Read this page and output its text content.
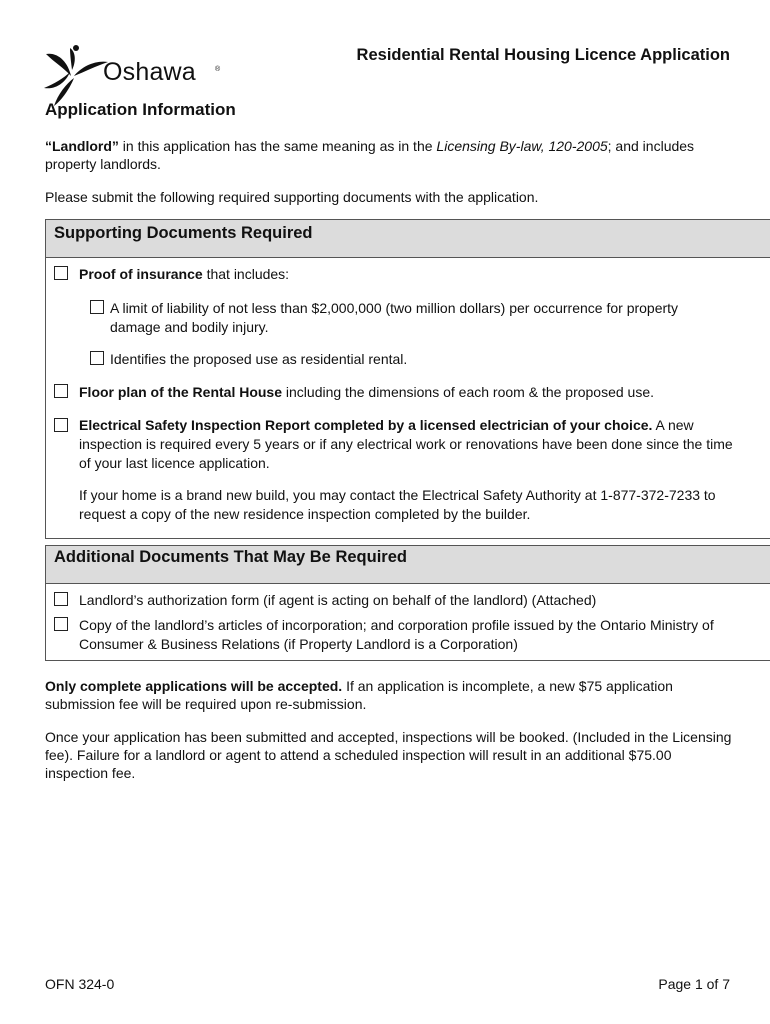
Oshawa	®
Residential Rental Housing Licence Application
Application Information

“Landlord” in this application has the same meaning as in the Licensing By-law, 120-2005; and includes property landlords.

Please submit the following required supporting documents with the application.

Supporting Documents Required
Proof of insurance that includes:
A limit of liability of not less than $2,000,000 (two million dollars) per occurrence for property damage and bodily injury.
Identifies the proposed use as residential rental.
Floor plan of the Rental House including the dimensions of each room & the proposed use.
Electrical Safety Inspection Report completed by a licensed electrician of your choice. A new inspection is required every 5 years or if any electrical work or renovations have been done since the time of your last licence application.
If your home is a brand new build, you may contact the Electrical Safety Authority at 1-877-372-7233 to request a copy of the new residence inspection completed by the builder.
Additional Documents That May Be Required
Landlord’s authorization form (if agent is acting on behalf of the landlord) (Attached)
Copy of the landlord’s articles of incorporation; and corporation profile issued by the Ontario Ministry of Consumer & Business Relations (if Property Landlord is a Corporation)

Only complete applications will be accepted. If an application is incomplete, a new $75 application submission fee will be required upon re-submission.

Once your application has been submitted and accepted, inspections will be booked. (Included in the Licensing fee). Failure for a landlord or agent to attend a scheduled inspection will result in an additional $75.00 inspection fee.

OFN 324-0	Page 1 of 7
